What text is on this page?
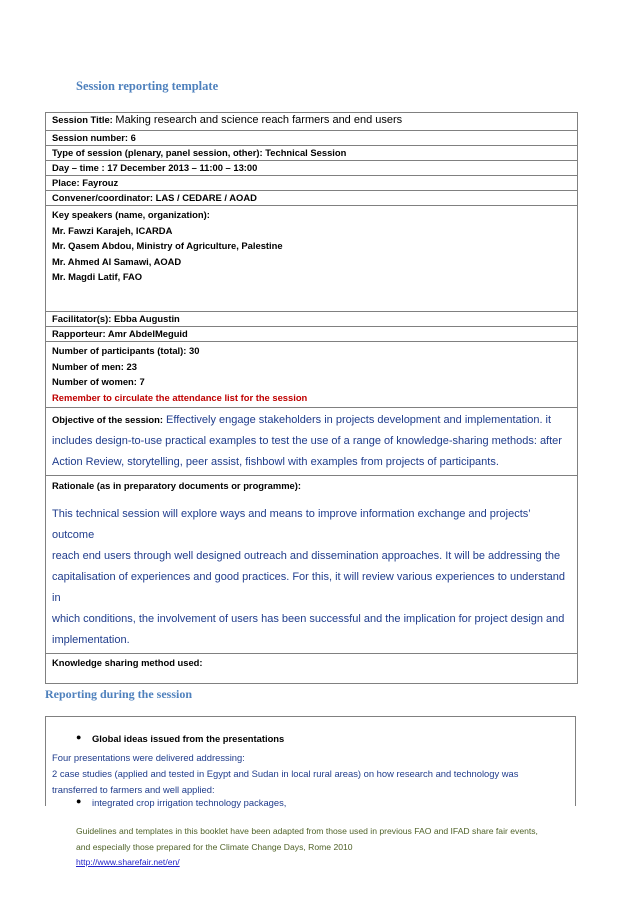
Session reporting template
Session Title: Making research and science reach farmers and end users
Session number: 6
Type of session (plenary, panel session, other): Technical Session
Day – time : 17 December 2013 – 11:00 – 13:00
Place: Fayrouz
Convener/coordinator: LAS / CEDARE / AOAD

Key speakers (name, organization):
Mr. Fawzi Karajeh, ICARDA
Mr. Qasem Abdou, Ministry of Agriculture, Palestine
Mr. Ahmed Al Samawi, AOAD
Mr. Magdi Latif, FAO

Facilitator(s): Ebba Augustin
Rapporteur: Amr AbdelMeguid

Number of participants (total): 30
Number of men: 23
Number of women: 7
Remember to circulate the attendance list for the session

Objective of the session: Effectively engage stakeholders in projects development and implementation. it
includes design-to-use practical examples to test the use of a range of knowledge-sharing methods: after
Action Review, storytelling, peer assist, fishbowl with examples from projects of participants.

Rationale (as in preparatory documents or programme):
This technical session will explore ways and means to improve information exchange and projects’ outcome
reach end users through well designed outreach and dissemination approaches. It will be addressing the
capitalisation of experiences and good practices. For this, it will review various experiences to understand in
which conditions, the involvement of users has been successful and the implication for project design and
implementation.

Knowledge sharing method used:
Reporting during the session
● Global ideas issued from the presentations
Four presentations were delivered addressing:
2 case studies (applied and tested in Egypt and Sudan in local rural areas) on how research and technology was
transferred to farmers and well applied:
● integrated crop irrigation technology packages,
Guidelines and templates in this booklet have been adapted from those used in previous FAO and IFAD share fair events,
and especially those prepared for the Climate Change Days, Rome 2010
http://www.sharefair.net/en/
